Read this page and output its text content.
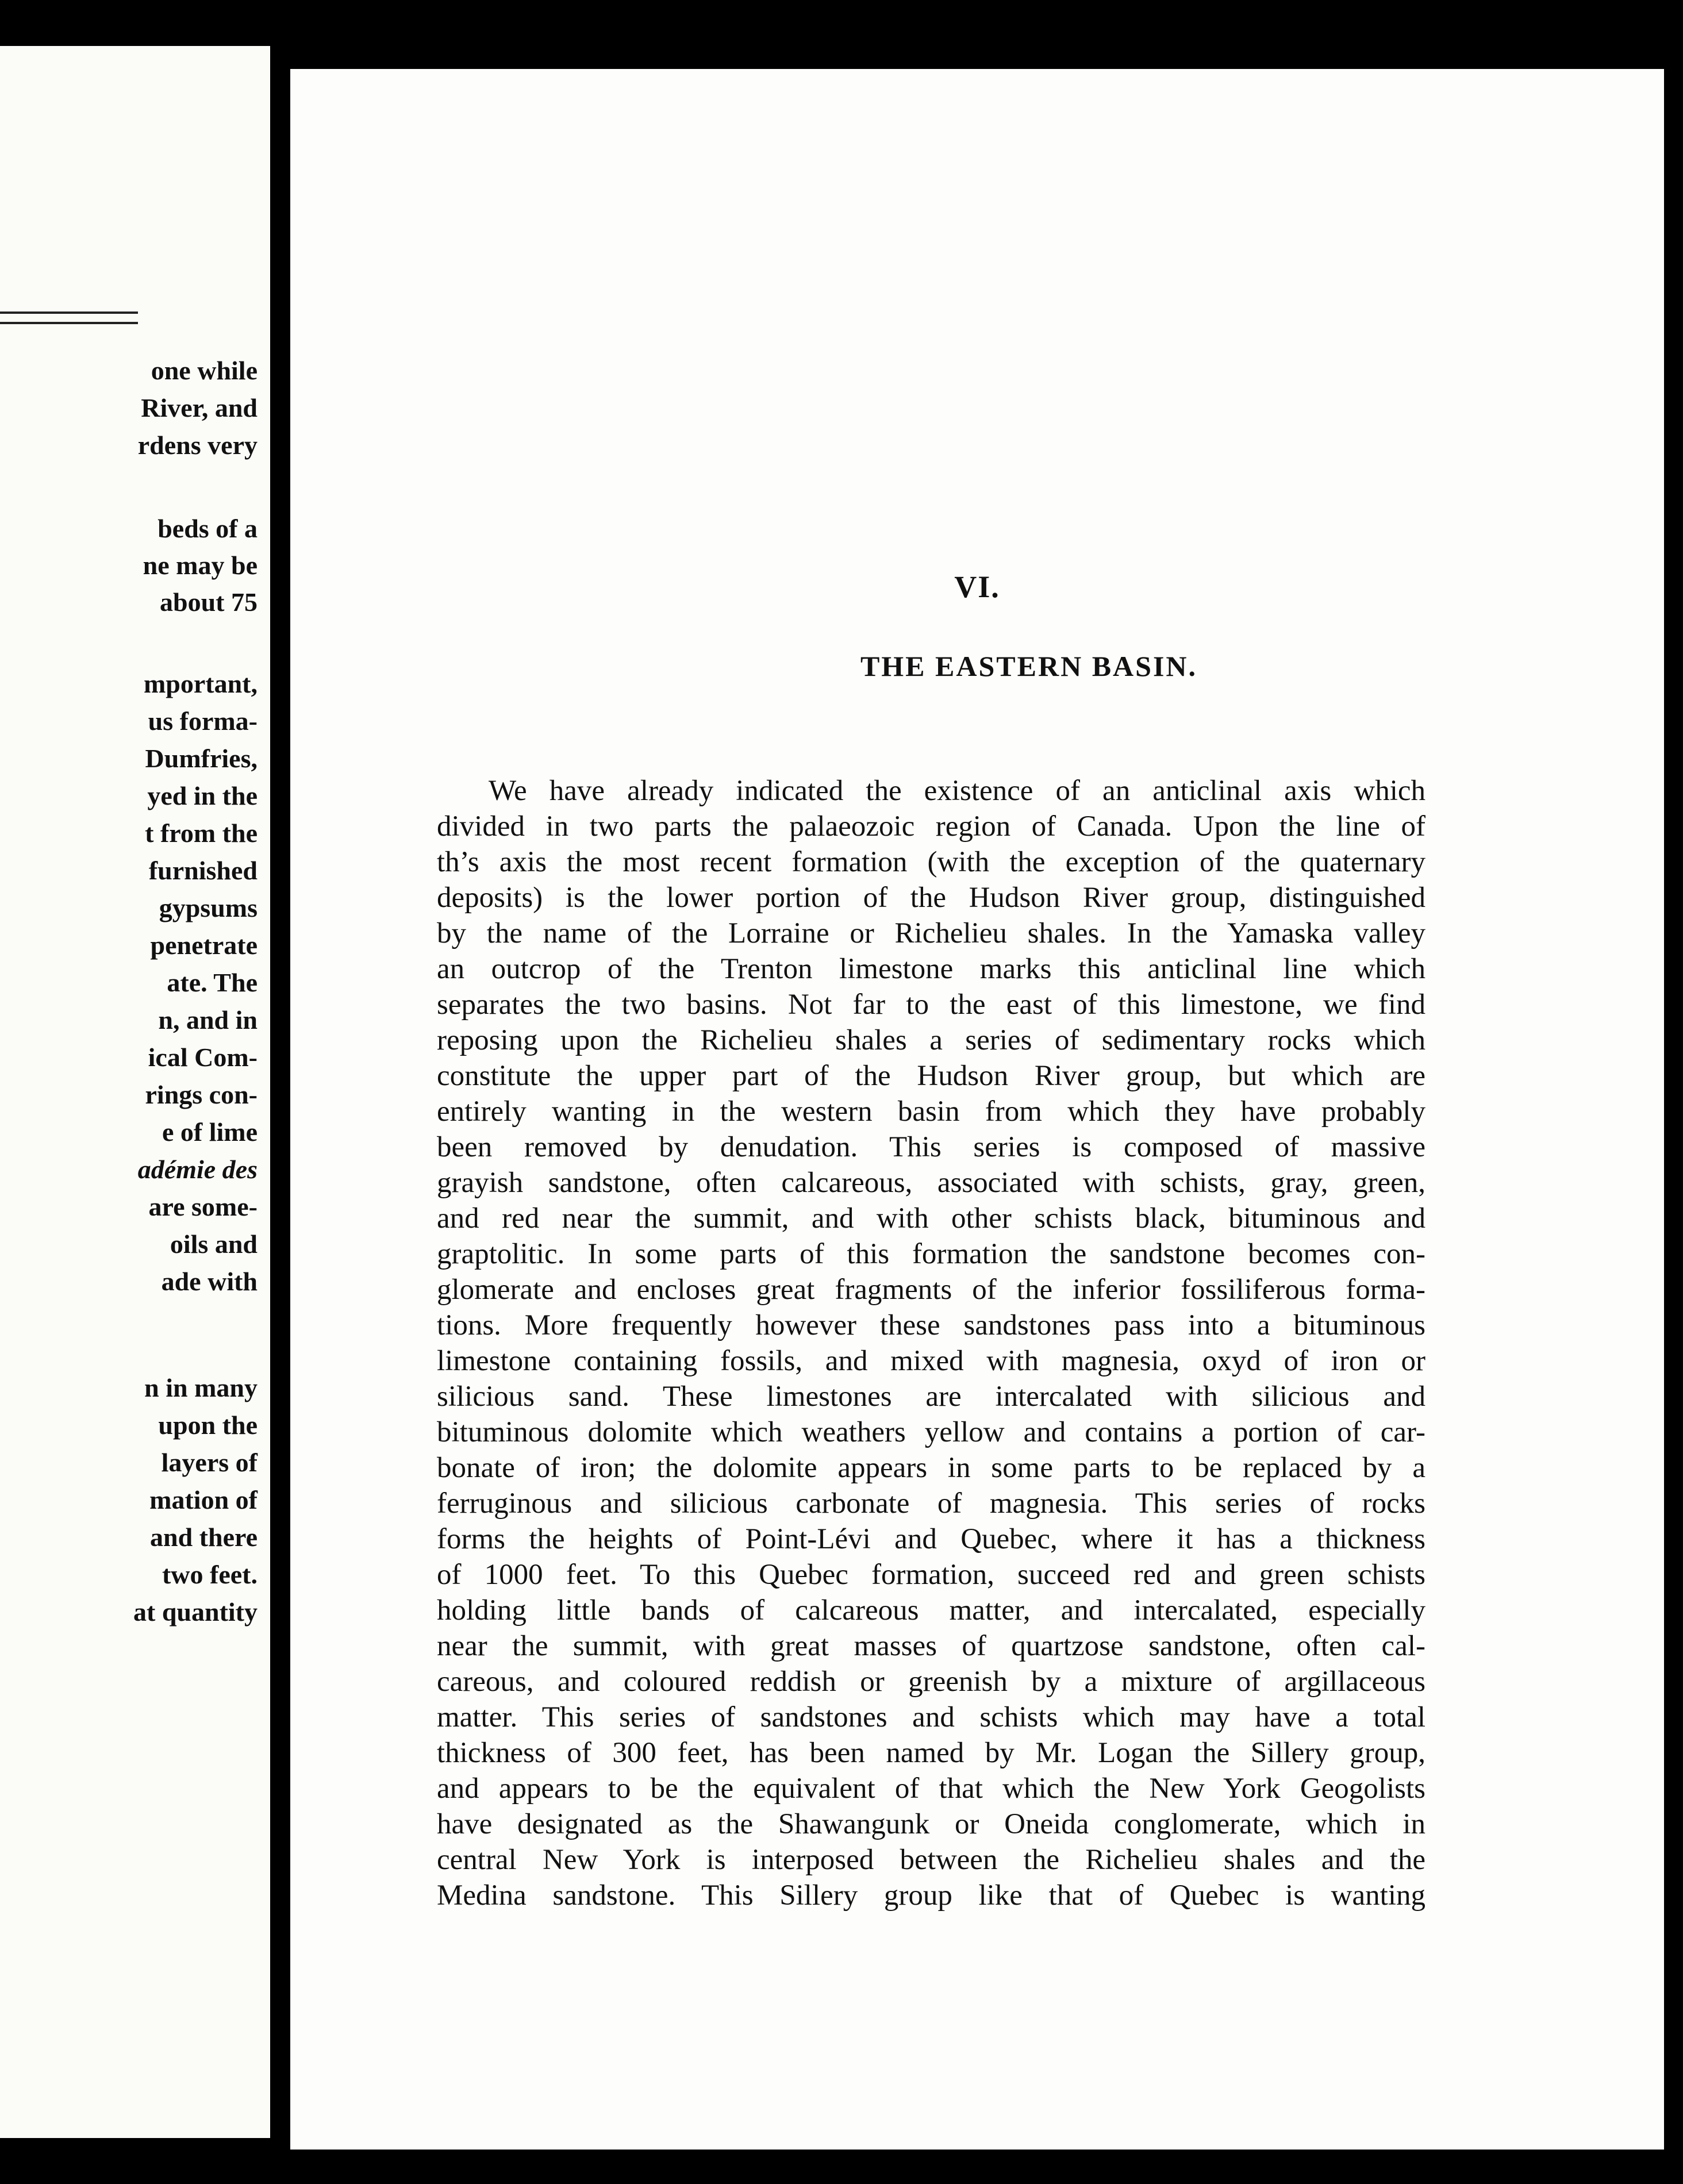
one while
River, and
rdens very
beds of a
ne may be
about 75
mportant,
us forma-
Dumfries,
yed in the
t from the
furnished
gypsums
penetrate
ate. The
n, and in
ical Com-
rings con-
e of lime
adémie des
are some-
oils and
ade with
n in many
upon the
layers of
mation of
and there
two feet.
at quantity
VI.
THE EASTERN BASIN.
We have already indicated the existence of an anticlinal axis which
divided in two parts the palaeozoic region of Canada. Upon the line of
th’s axis the most recent formation (with the exception of the quaternary
deposits) is the lower portion of the Hudson River group, distinguished
by the name of the Lorraine or Richelieu shales. In the Yamaska valley
an outcrop of the Trenton limestone marks this anticlinal line which
separates the two basins. Not far to the east of this limestone, we find
reposing upon the Richelieu shales a series of sedimentary rocks which
constitute the upper part of the Hudson River group, but which are
entirely wanting in the western basin from which they have probably
been removed by denudation. This series is composed of massive
grayish sandstone, often calcareous, associated with schists, gray, green,
and red near the summit, and with other schists black, bituminous and
graptolitic. In some parts of this formation the sandstone becomes con-
glomerate and encloses great fragments of the inferior fossiliferous forma-
tions. More frequently however these sandstones pass into a bituminous
limestone containing fossils, and mixed with magnesia, oxyd of iron or
silicious sand. These limestones are intercalated with silicious and
bituminous dolomite which weathers yellow and contains a portion of car-
bonate of iron; the dolomite appears in some parts to be replaced by a
ferruginous and silicious carbonate of magnesia. This series of rocks
forms the heights of Point-Lévi and Quebec, where it has a thickness
of 1000 feet. To this Quebec formation, succeed red and green schists
holding little bands of calcareous matter, and intercalated, especially
near the summit, with great masses of quartzose sandstone, often cal-
careous, and coloured reddish or greenish by a mixture of argillaceous
matter. This series of sandstones and schists which may have a total
thickness of 300 feet, has been named by Mr. Logan the Sillery group,
and appears to be the equivalent of that which the New York Geogolists
have designated as the Shawangunk or Oneida conglomerate, which in
central New York is interposed between the Richelieu shales and the
Medina sandstone. This Sillery group like that of Quebec is wanting
